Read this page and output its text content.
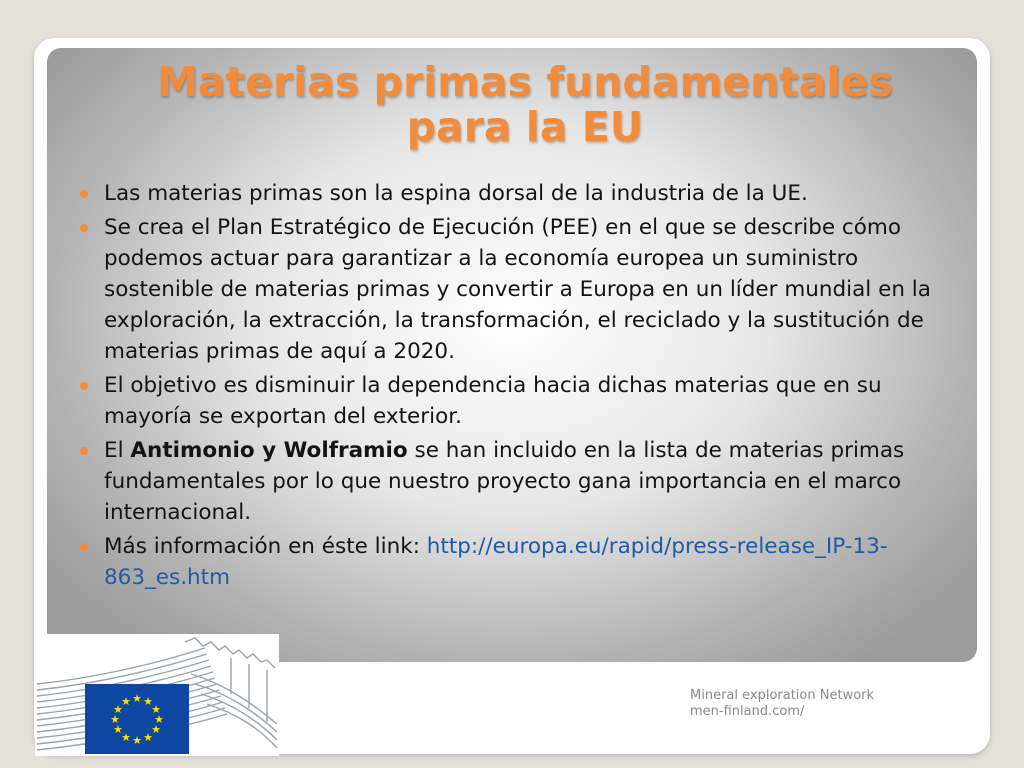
Materias primas fundamentales
para la EU
Las materias primas son la espina dorsal de la industria de la UE.
Se crea el Plan Estratégico de Ejecución (PEE) en el que se describe cómo podemos actuar para garantizar a la economía europea un suministro sostenible de materias primas y convertir a Europa en un líder mundial en la exploración, la extracción, la transformación, el reciclado y la sustitución de materias primas de aquí a 2020.
El objetivo es disminuir la dependencia hacia dichas materias que en su mayoría se exportan del exterior.
El Antimonio y Wolframio se han incluido en la lista de materias primas fundamentales por lo que nuestro proyecto gana importancia en el marco internacional.
Más información en éste link: http://europa.eu/rapid/press-release_IP-13-863_es.htm
★ ★
★
★
★
★
★
★
★
★
★
★	Mineral exploration Network
men-finland.com/
